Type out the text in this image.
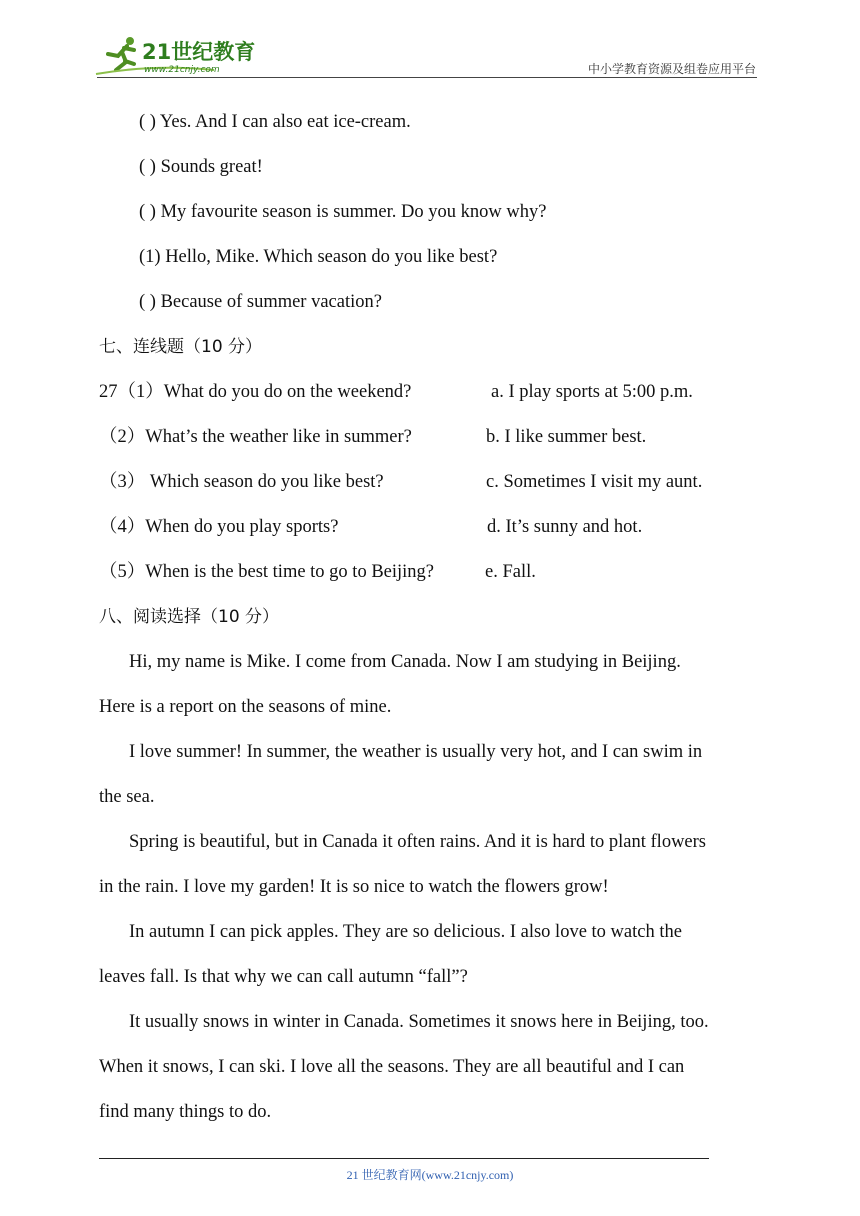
21世纪教育
www.21cnjy.com	中小学教育资源及组卷应用平台
( ) Yes. And I can also eat ice-cream.
( ) Sounds great!
( ) My favourite season is summer. Do you know why?
(1) Hello, Mike. Which season do you like best?
( ) Because of summer vacation?
七、连线题（10 分）
27（1）What do you do on the weekend?
（2）What’s the weather like in summer?
（3） Which season do you like best?
（4）When do you play sports?
（5）When is the best time to go to Beijing?
a. I play sports at 5:00 p.m.
b. I like summer best.
c. Sometimes I visit my aunt.
d. It’s sunny and hot.
e. Fall.
八、阅读选择（10 分）
Hi, my name is Mike. I come from Canada. Now I am studying in Beijing.
Here is a report on the seasons of mine.
I love summer! In summer, the weather is usually very hot, and I can swim in
the sea.
Spring is beautiful, but in Canada it often rains. And it is hard to plant flowers
in the rain. I love my garden! It is so nice to watch the flowers grow!
In autumn I can pick apples. They are so delicious. I also love to watch the
leaves fall. Is that why we can call autumn “fall”?
It usually snows in winter in Canada. Sometimes it snows here in Beijing, too.
When it snows, I can ski. I love all the seasons. They are all beautiful and I can
find many things to do.
21 世纪教育网(www.21cnjy.com)
